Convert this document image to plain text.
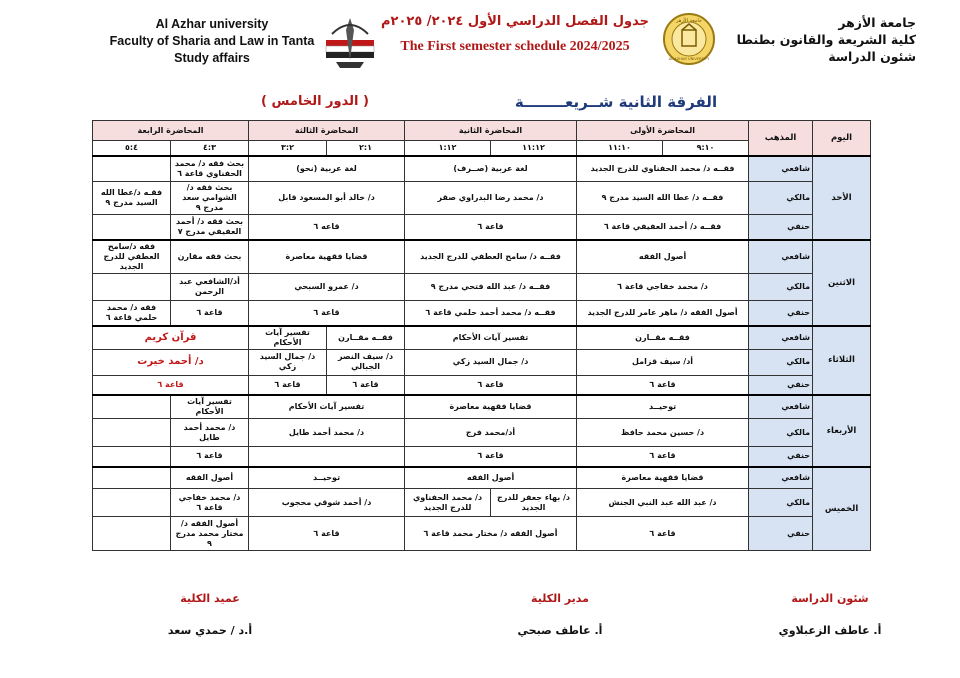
Al Azhar university
Faculty of Sharia and Law in Tanta
Study affairs
جدول الفصل الدراسي الأول ٢٠٢٤/ ٢٠٢٥م
The First semester schedule 2024/2025
جامعة الأزهر
AL-AZHAR UNIVERSITY
جامعة الأزهر
كلية الشريعة والقانون بطنطا
شئون الدراسة
الفرقة الثانية شــريعــــــــة
( الدور الخامس )
اليوم	المذهب	المحاضرة الأولى		المحاضرة الثانية		المحاضرة الثالثة		المحاضرة الرابعة	
		٩:١٠	١١:١٠	١١:١٢	١:١٢	٢:١	٣:٢	٤:٣	٥:٤
الأحد	شافعي	فقــه د/ محمد الحفناوي للدرج الجديد		لغة عربية (صــرف)		لغة عربية (نحو)		بحث فقه د/ محمد الحفناوي قاعة ٦	
	مالكي	فقــه د/ عطا الله السيد مدرج ٩		د/ محمد رضا البدراوي صقر		د/ خالد أبو المسعود قابل		بحث فقه د/ الشوامي سعد مدرج ٩	فقـه د/عطا الله السيد مدرج ٩
	حنفي	فقــه د/ أحمد العفيفي قاعة ٦		قاعة ٦		قاعه ٦		بحث فقه د/ أحمد العفيفي مدرج ٧	
الاثنين	شافعي	أصول الفقه		فقــه د/ سامح العطفي للدرج الجديد		قضايا فقهية معاصرة		بحث فقه مقارن	فقه د/سامح العطفي للدرج الجديد
	مالكي	د/ محمد خفاجي قاعة ٦		فقــه د/ عبد الله فتحي مدرج ٩		د/ عمرو السبحي		أد/الشافعي عبد الرحمن	
	حنفي	أصول الفقه د/ ماهر عامر للدرج الجديد		فقــه د/ محمد أحمد حلمي قاعة ٦		قاعة ٦		قاعة ٦	فقه د/ محمد حلمي قاعة ٦
الثلاثاء	شافعي	فقــه مقــارن		تفسير آيات الأحكام		فقــه مقــارن	تفسير آيات الأحكام	قرآن كريم	
	مالكي	أد/ سيف قزامل		د/ جمال السيد زكي		د/ سيف النصر الجبالي	د/ جمال السيد زكي	د/ أحمد خيرت	
	حنفي	قاعة ٦		قاعة ٦		قاعة ٦	قاعة ٦	قاعة ٦	
الأربعاء	شافعي	توحيــد		قضايا فقهية معاصرة		تفسير آيات الأحكام		تفسير آيات الأحكام	
	مالكي	د/ حسين محمد حافظ		أد/محمد فرج		د/ محمد أحمد طايل		د/ محمد أحمد طايل	
	حنفي	قاعة ٦		قاعة ٦				قاعة ٦	
الخميس	شافعي	قضايا فقهية معاصرة		أصول الفقه		توحيــد		أصول الفقه	
	مالكي	د/ عبد الله عبد النبي الجنش		د/ بهاء جعفر للدرج الجديد	د/ محمد الحفناوي للدرج الجديد	د/ أحمد شوقي محجوب		د/ محمد خفاجي قاعة ٦	
	حنفي	قاعة ٦		أصول الفقه د/ مختار محمد قاعة ٦		قاعة ٦		أصول الفقه د/ مختار محمد مدرج ٩	
شئون الدراسة
أ. عاطف الزعبلاوي
مدير الكلية
أ. عاطف صبحي
عميد الكلية
أ.د / حمدي سعد
